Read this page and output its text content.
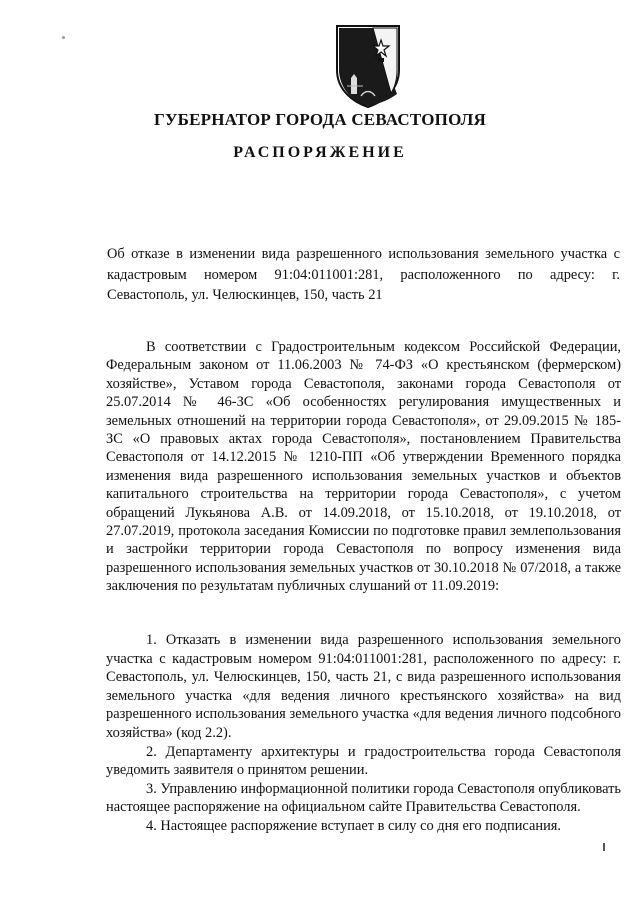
ГУБЕРНАТОР ГОРОДА СЕВАСТОПОЛЯ
РАСПОРЯЖЕНИЕ
Об отказе в изменении вида разрешенного использования земельного участка с кадастровым номером 91:04:011001:281, расположенного по адресу: г. Севастополь, ул. Челюскинцев, 150, часть 21
В соответствии с Градостроительным кодексом Российской Федерации, Федеральным законом от 11.06.2003 № 74-ФЗ «О крестьянском (фермерском) хозяйстве», Уставом города Севастополя, законами города Севастополя от 25.07.2014 № 46-ЗС «Об особенностях регулирования имущественных и земельных отношений на территории города Севастополя», от 29.09.2015 № 185-ЗС «О правовых актах города Севастополя», постановлением Правительства Севастополя от 14.12.2015 № 1210-ПП «Об утверждении Временного порядка изменения вида разрешенного использования земельных участков и объектов капитального строительства на территории города Севастополя», с учетом обращений Лукьянова А.В. от 14.09.2018, от 15.10.2018, от 19.10.2018, от 27.07.2019, протокола заседания Комиссии по подготовке правил землепользования и застройки территории города Севастополя по вопросу изменения вида разрешенного использования земельных участков от 30.10.2018 № 07/2018, а также заключения по результатам публичных слушаний от 11.09.2019:

1. Отказать в изменении вида разрешенного использования земельного участка с кадастровым номером 91:04:011001:281, расположенного по адресу: г. Севастополь, ул. Челюскинцев, 150, часть 21, с вида разрешенного использования земельного участка «для ведения личного крестьянского хозяйства» на вид разрешенного использования земельного участка «для ведения личного подсобного хозяйства» (код 2.2).

2. Департаменту архитектуры и градостроительства города Севастополя уведомить заявителя о принятом решении.

3. Управлению информационной политики города Севастополя опубликовать настоящее распоряжение на официальном сайте Правительства Севастополя.

4. Настоящее распоряжение вступает в силу со дня его подписания.
